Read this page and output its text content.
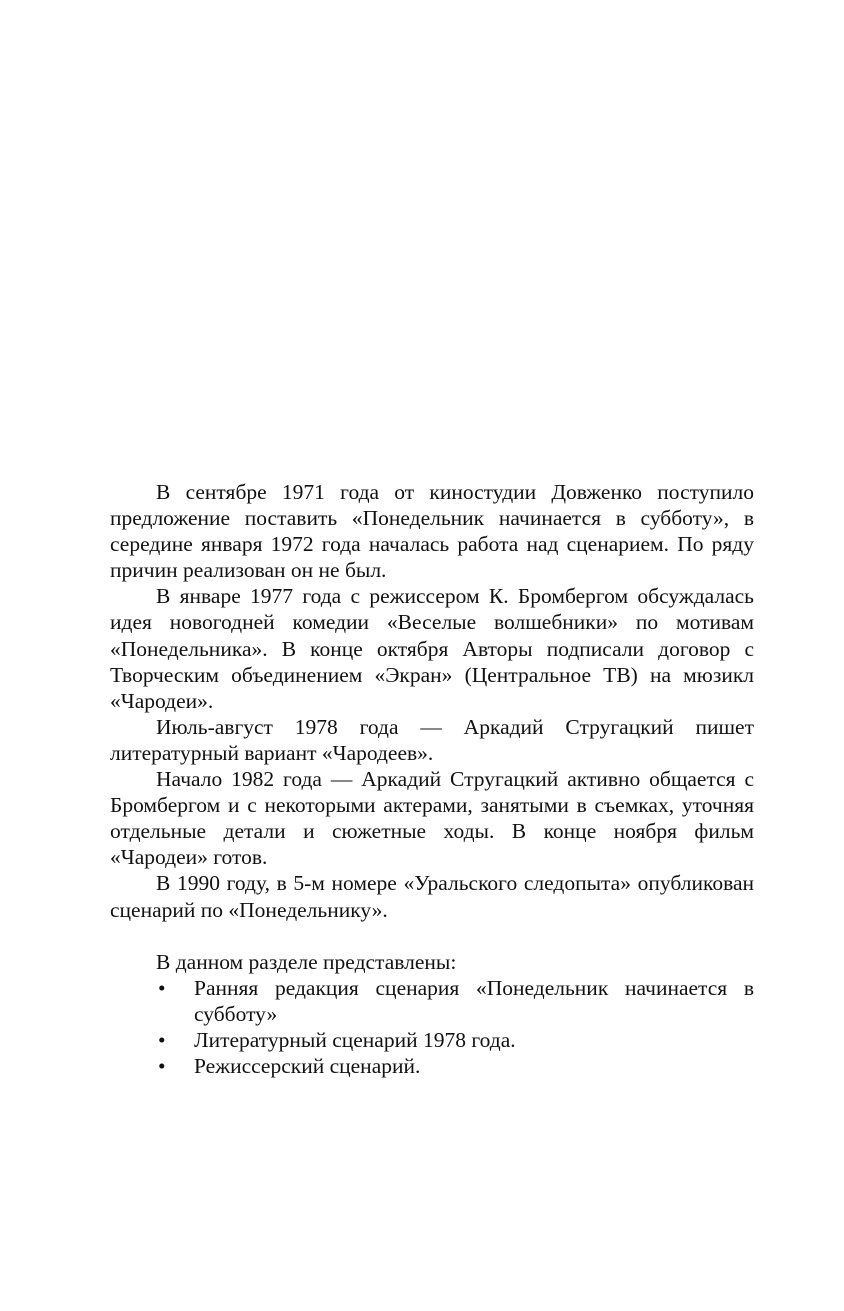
В сентябре 1971 года от киностудии Довженко поступило предложение поставить «Понедельник начинается в субботу», в середине января 1972 года началась работа над сценарием. По ряду причин реализован он не был.

В январе 1977 года с режиссером К. Бромбергом обсуждалась идея новогодней комедии «Веселые волшебники» по мотивам «Понедельника». В конце октября Авторы подписали договор с Творческим объединением «Экран» (Центральное ТВ) на мюзикл «Чародеи».

Июль-август 1978 года — Аркадий Стругацкий пишет литературный вариант «Чародеев».

Начало 1982 года — Аркадий Стругацкий активно общается с Бромбергом и с некоторыми актерами, занятыми в съемках, уточняя отдельные детали и сюжетные ходы. В конце ноября фильм «Чародеи» готов.

В 1990 году, в 5-м номере «Уральского следопыта» опубликован сценарий по «Понедельнику».

В данном разделе представлены:

• Ранняя редакция сценария «Понедельник начинается в субботу»
• Литературный сценарий 1978 года.
• Режиссерский сценарий.
